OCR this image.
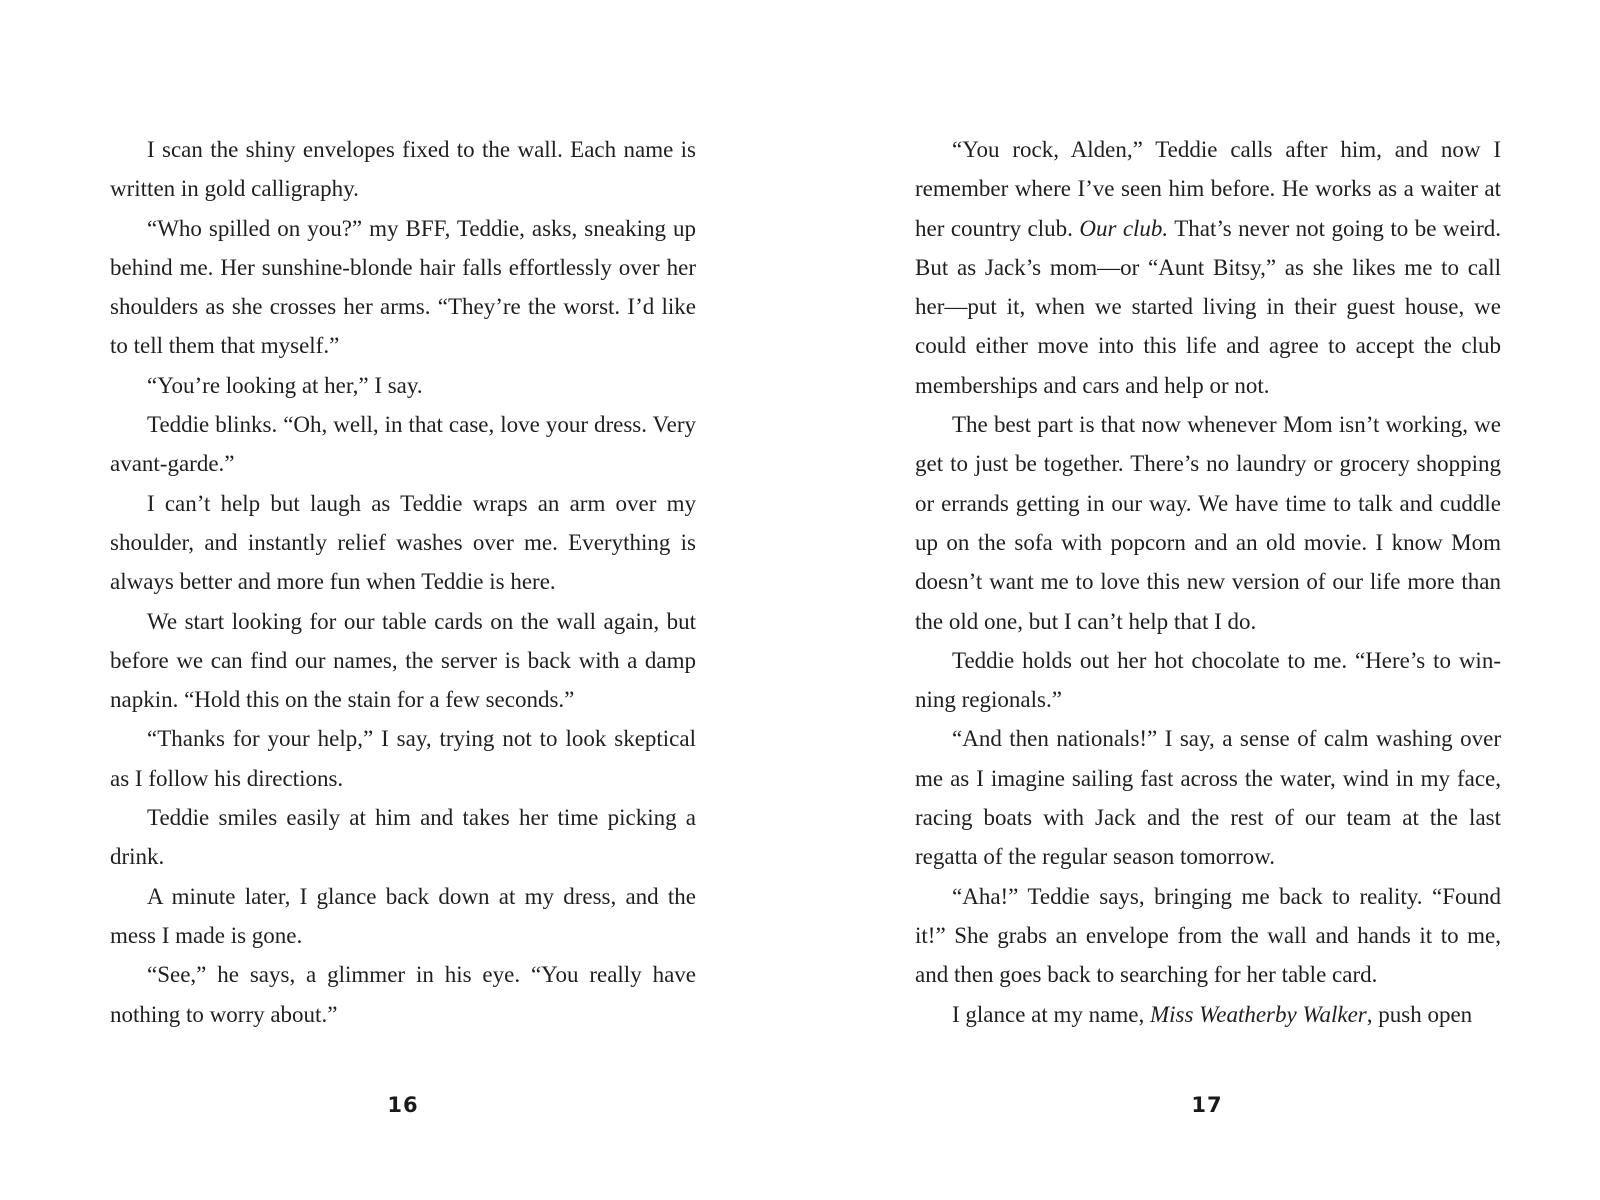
I scan the shiny envelopes fixed to the wall. Each name is written in gold calligraphy.

“Who spilled on you?” my BFF, Teddie, asks, sneaking up behind me. Her sunshine-blonde hair falls effortlessly over her shoulders as she crosses her arms. “They’re the worst. I’d like to tell them that myself.”

“You’re looking at her,” I say.

Teddie blinks. “Oh, well, in that case, love your dress. Very avant-garde.”

I can’t help but laugh as Teddie wraps an arm over my shoulder, and instantly relief washes over me. Everything is always better and more fun when Teddie is here.

We start looking for our table cards on the wall again, but before we can find our names, the server is back with a damp napkin. “Hold this on the stain for a few seconds.”

“Thanks for your help,” I say, trying not to look skeptical as I follow his directions.

Teddie smiles easily at him and takes her time picking a drink.

A minute later, I glance back down at my dress, and the mess I made is gone.

“See,” he says, a glimmer in his eye. “You really have nothing to worry about.”

“You rock, Alden,” Teddie calls after him, and now I remember where I’ve seen him before. He works as a waiter at her country club. Our club. That’s never not going to be weird. But as Jack’s mom—or “Aunt Bitsy,” as she likes me to call her—put it, when we started living in their guest house, we could either move into this life and agree to accept the club memberships and cars and help or not.

The best part is that now whenever Mom isn’t working, we get to just be together. There’s no laundry or grocery shopping or errands getting in our way. We have time to talk and cuddle up on the sofa with popcorn and an old movie. I know Mom doesn’t want me to love this new version of our life more than the old one, but I can’t help that I do.

Teddie holds out her hot chocolate to me. “Here’s to winning regionals.”

“And then nationals!” I say, a sense of calm washing over me as I imagine sailing fast across the water, wind in my face, racing boats with Jack and the rest of our team at the last regatta of the regular season tomorrow.

“Aha!” Teddie says, bringing me back to reality. “Found it!” She grabs an envelope from the wall and hands it to me, and then goes back to searching for her table card.

I glance at my name, Miss Weatherby Walker, push open

16	17
